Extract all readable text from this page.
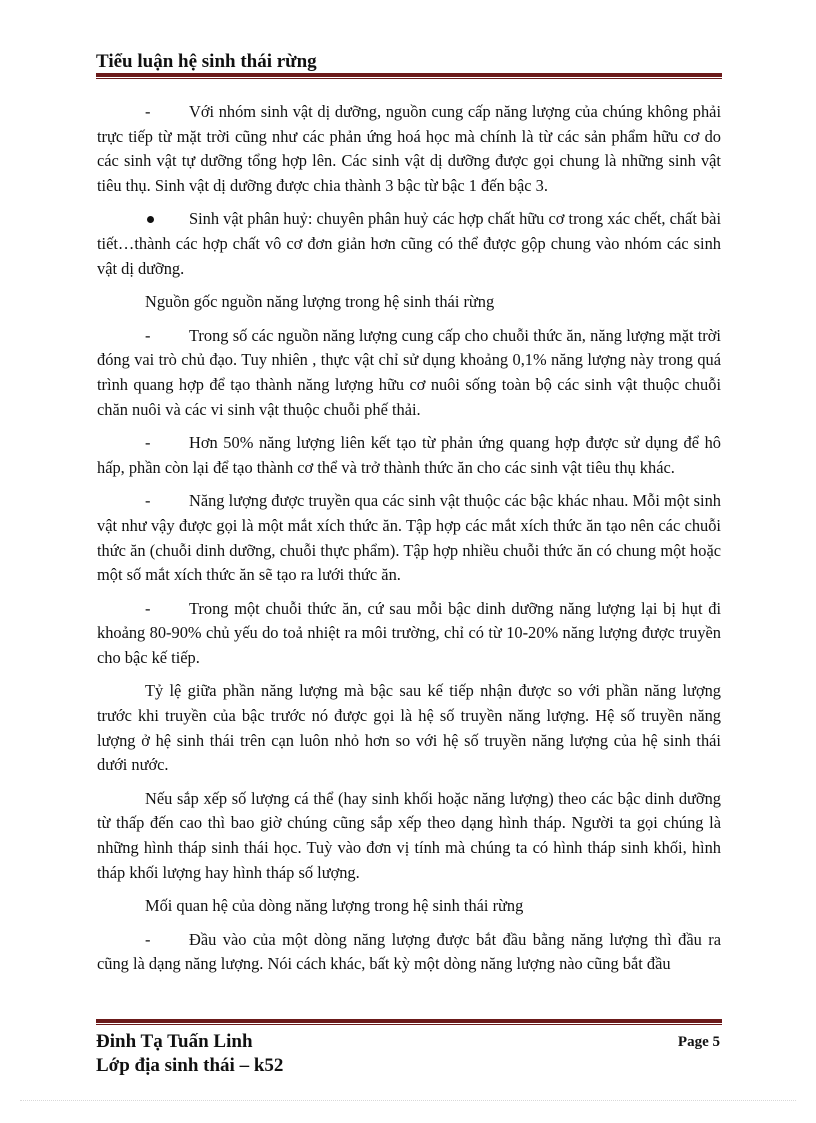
Tiểu luận hệ sinh thái rừng

- Với nhóm sinh vật dị dưỡng, nguồn cung cấp năng lượng của chúng không phải trực tiếp từ mặt trời cũng như các phản ứng hoá học mà chính là từ các sản phẩm hữu cơ do các sinh vật tự dưỡng tổng hợp lên. Các sinh vật dị dưỡng được gọi chung là những sinh vật tiêu thụ. Sinh vật dị dưỡng được chia thành 3 bậc từ bậc 1 đến bậc 3.

Sinh vật phân huỷ: chuyên phân huỷ các hợp chất hữu cơ trong xác chết, chất bài tiết…thành các hợp chất vô cơ đơn giản hơn cũng có thể được gộp chung vào nhóm các sinh vật dị dưỡng.

Nguồn gốc nguồn năng lượng trong hệ sinh thái rừng

- Trong số các nguồn năng lượng cung cấp cho chuỗi thức ăn, năng lượng mặt trời đóng vai trò chủ đạo. Tuy nhiên , thực vật chỉ sử dụng khoảng 0,1% năng lượng này trong quá trình quang hợp để tạo thành năng lượng hữu cơ nuôi sống toàn bộ các sinh vật thuộc chuỗi chăn nuôi và các vi sinh vật thuộc chuỗi phế thải.

- Hơn 50% năng lượng liên kết tạo từ phản ứng quang hợp được sử dụng để hô hấp, phần còn lại để tạo thành cơ thể và trở thành thức ăn cho các sinh vật tiêu thụ khác.

- Năng lượng được truyền qua các sinh vật thuộc các bậc khác nhau. Mỗi một sinh vật như vậy được gọi là một mắt xích thức ăn. Tập hợp các mắt xích thức ăn tạo nên các chuỗi thức ăn (chuỗi dinh dưỡng, chuỗi thực phẩm). Tập hợp nhiều chuỗi thức ăn có chung một hoặc một số mắt xích thức ăn sẽ tạo ra lưới thức ăn.

- Trong một chuỗi thức ăn, cứ sau mỗi bậc dinh dưỡng năng lượng lại bị hụt đi khoảng 80-90% chủ yếu do toả nhiệt ra môi trường, chỉ có từ 10-20% năng lượng được truyền cho bậc kế tiếp.

Tỷ lệ giữa phần năng lượng mà bậc sau kế tiếp nhận được so với phần năng lượng trước khi truyền của bậc trước nó được gọi là hệ số truyền năng lượng. Hệ số truyền năng lượng ở hệ sinh thái trên cạn luôn nhỏ hơn so với hệ số truyền năng lượng của hệ sinh thái dưới nước.

Nếu sắp xếp số lượng cá thể (hay sinh khối hoặc năng lượng) theo các bậc dinh dưỡng từ thấp đến cao thì bao giờ chúng cũng sắp xếp theo dạng hình tháp. Người ta gọi chúng là những hình tháp sinh thái học. Tuỳ vào đơn vị tính mà chúng ta có hình tháp sinh khối, hình tháp khối lượng hay hình tháp số lượng.

Mối quan hệ của dòng năng lượng trong hệ sinh thái rừng

- Đầu vào của một dòng năng lượng được bắt đầu bằng năng lượng thì đầu ra cũng là dạng năng lượng. Nói cách khác, bất kỳ một dòng năng lượng nào cũng bắt đầu

Đinh Tạ Tuấn Linh
Lớp địa sinh thái – k52
Page 5
